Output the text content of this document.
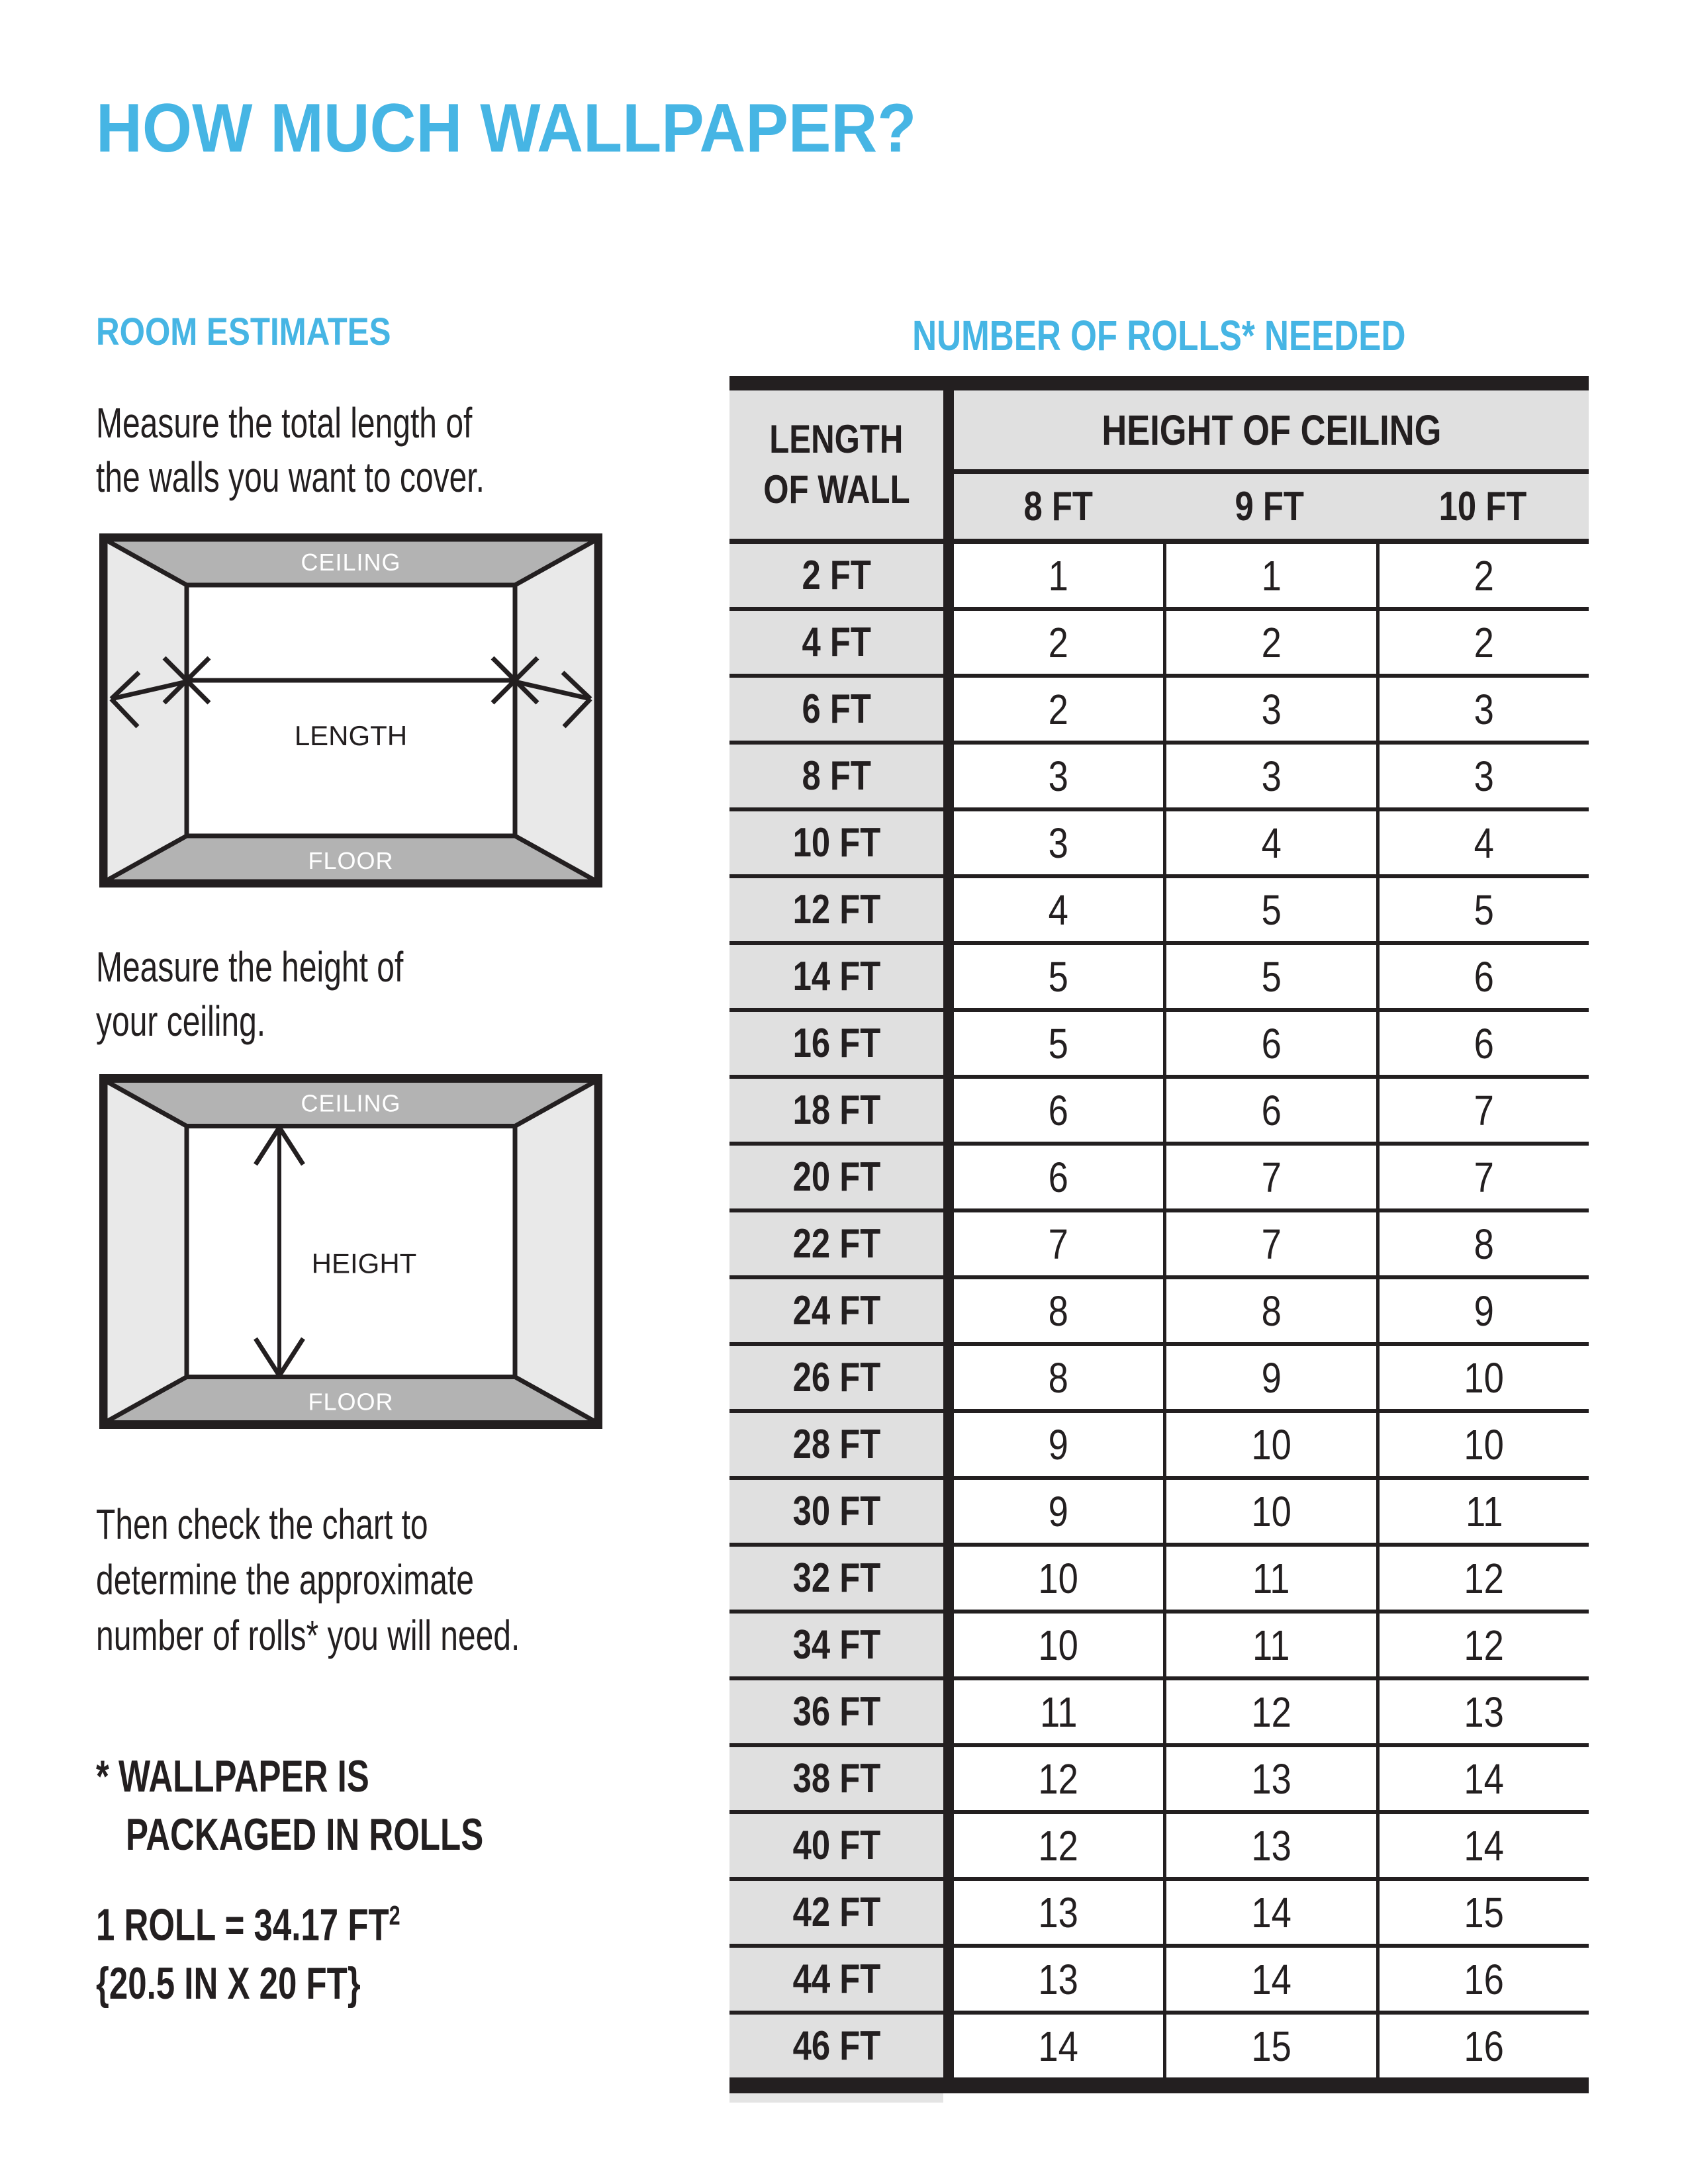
HOW MUCH WALLPAPER?
ROOM ESTIMATES
Measure the total length of
the walls you want to cover.
CEILING
FLOOR
LENGTH
Measure the height of
your ceiling.
CEILING
FLOOR
HEIGHT
Then check the chart to
determine the approximate
number of rolls* you will need.
* WALLPAPER IS
PACKAGED IN ROLLS
1 ROLL = 34.17 $FT^2$
{20.5 IN X 20 FT}
NUMBER OF ROLLS* NEEDED
LENGTH
OF WALL
HEIGHT OF CEILING
8 FT	9 FT	10 FT
2 FT	1	1	2
4 FT	2	2	2
6 FT	2	3	3
8 FT	3	3	3
10 FT	3	4	4
12 FT	4	5	5
14 FT	5	5	6
16 FT	5	6	6
18 FT	6	6	7
20 FT	6	7	7
22 FT	7	7	8
24 FT	8	8	9
26 FT	8	9	10
28 FT	9	10	10
30 FT	9	10	11
32 FT	10	11	12
34 FT	10	11	12
36 FT	11	12	13
38 FT	12	13	14
40 FT	12	13	14
42 FT	13	14	15
44 FT	13	14	16
46 FT	14	15	16
